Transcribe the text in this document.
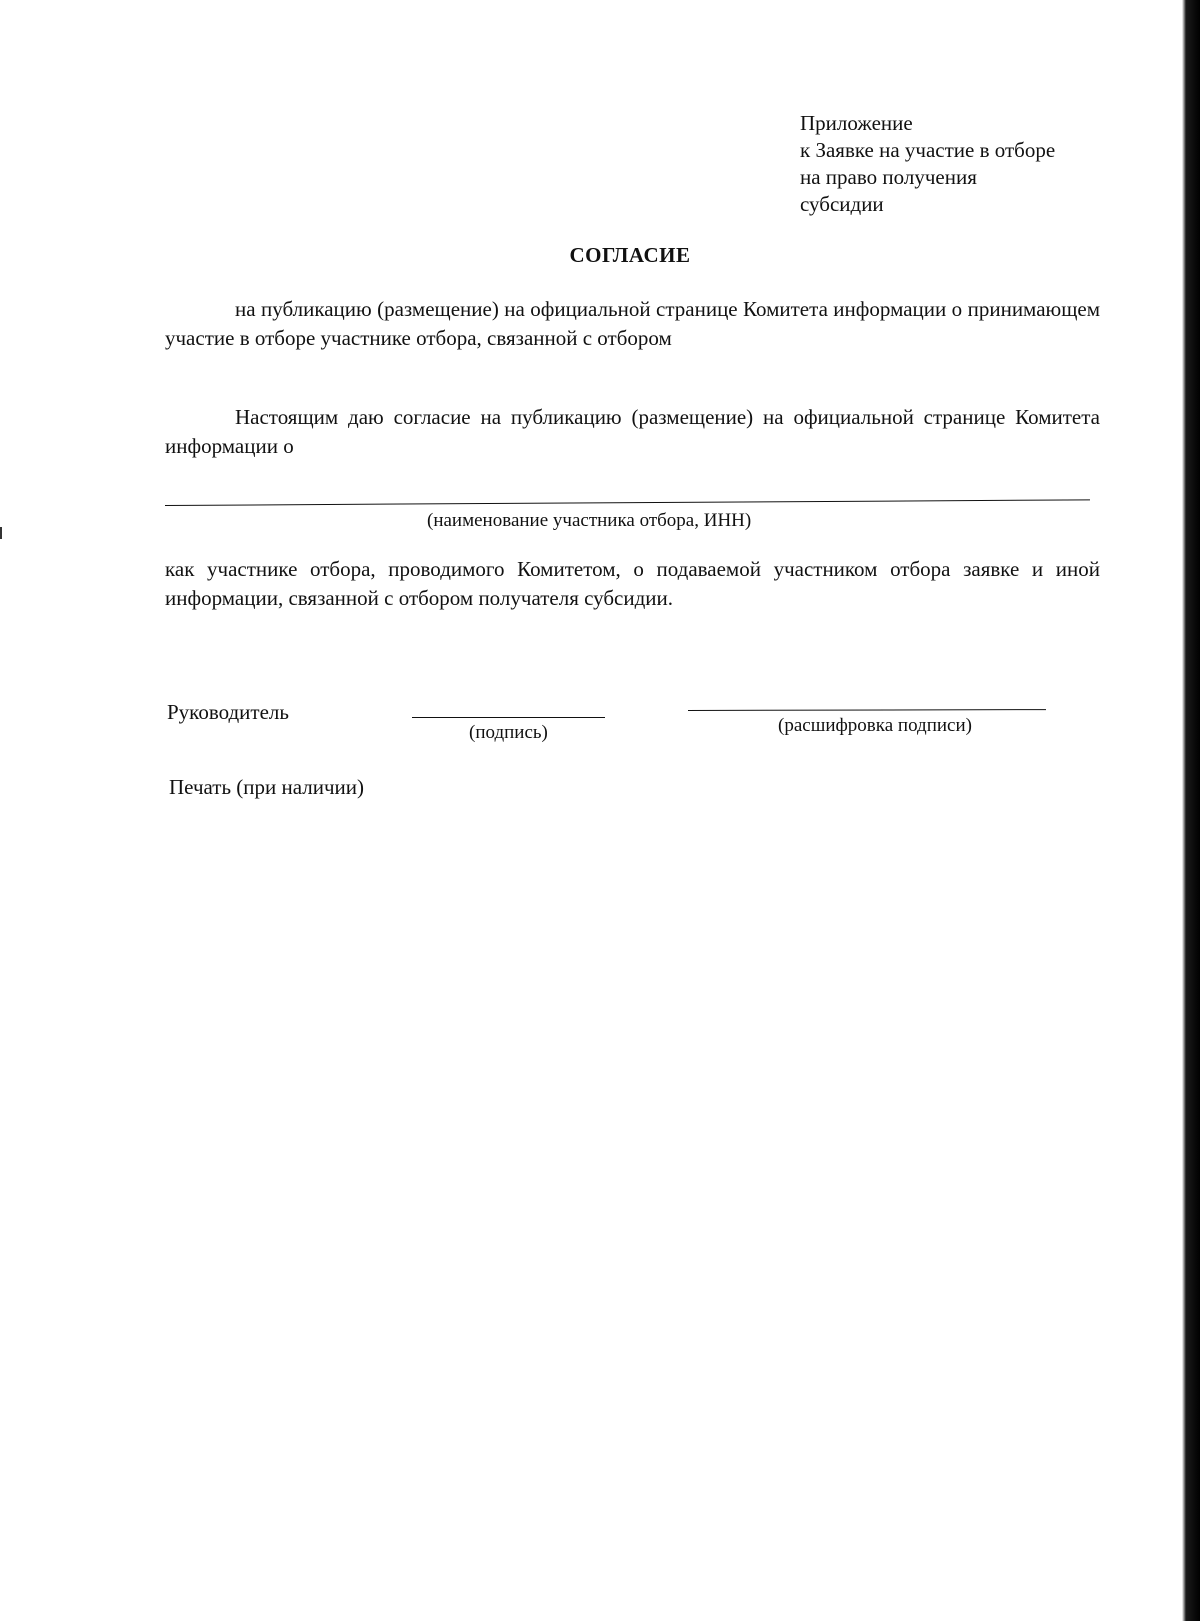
Приложение
к Заявке на участие в отборе
на право получения
субсидии
СОГЛАСИЕ
на публикацию (размещение) на официальной странице Комитета информации о принимающем участие в отборе участнике отбора, связанной с отбором
Настоящим даю согласие на публикацию (размещение) на официальной странице Комитета информации о
(наименование участника отбора, ИНН)
как участнике отбора, проводимого Комитетом, о подаваемой участником отбора заявке и иной информации, связанной с отбором получателя субсидии.
Руководитель
(подпись)	(расшифровка подписи)
Печать (при наличии)
